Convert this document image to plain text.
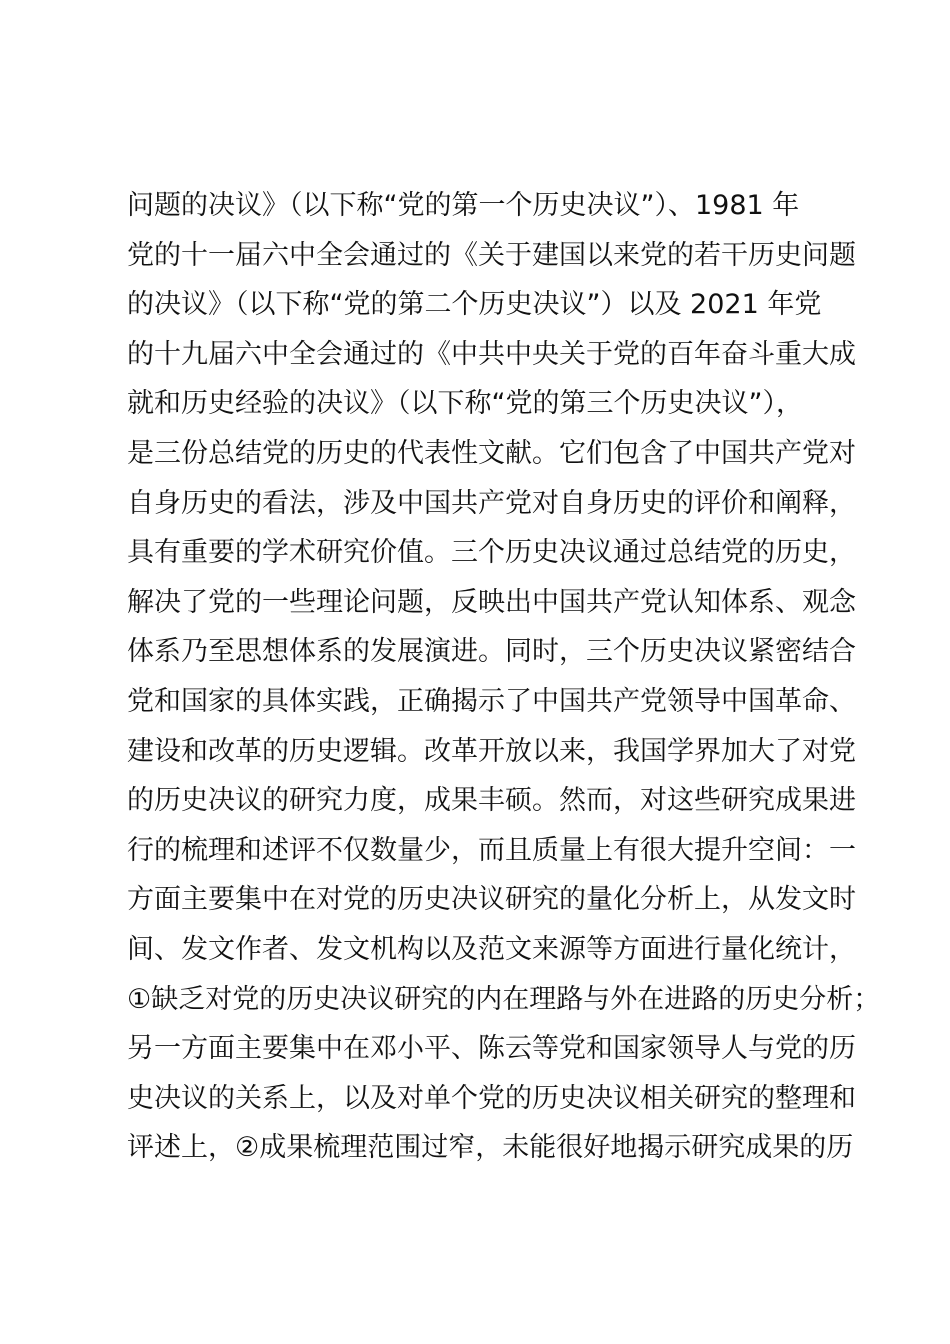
问题的决议》（以下称“党的第一个历史决议”）、1981 年
党的十一届六中全会通过的《关于建国以来党的若干历史问题
的决议》（以下称“党的第二个历史决议”）以及 2021 年党
的十九届六中全会通过的《中共中央关于党的百年奋斗重大成
就和历史经验的决议》（以下称“党的第三个历史决议”），
是三份总结党的历史的代表性文献。它们包含了中国共产党对
自身历史的看法，涉及中国共产党对自身历史的评价和阐释，
具有重要的学术研究价值。三个历史决议通过总结党的历史，
解决了党的一些理论问题，反映出中国共产党认知体系、观念
体系乃至思想体系的发展演进。同时，三个历史决议紧密结合
党和国家的具体实践，正确揭示了中国共产党领导中国革命、
建设和改革的历史逻辑。改革开放以来，我国学界加大了对党
的历史决议的研究力度，成果丰硕。然而，对这些研究成果进
行的梳理和述评不仅数量少，而且质量上有很大提升空间：一
方面主要集中在对党的历史决议研究的量化分析上，从发文时
间、发文作者、发文机构以及范文来源等方面进行量化统计，
①缺乏对党的历史决议研究的内在理路与外在进路的历史分析；
另一方面主要集中在邓小平、陈云等党和国家领导人与党的历
史决议的关系上，以及对单个党的历史决议相关研究的整理和
评述上，②成果梳理范围过窄，未能很好地揭示研究成果的历
